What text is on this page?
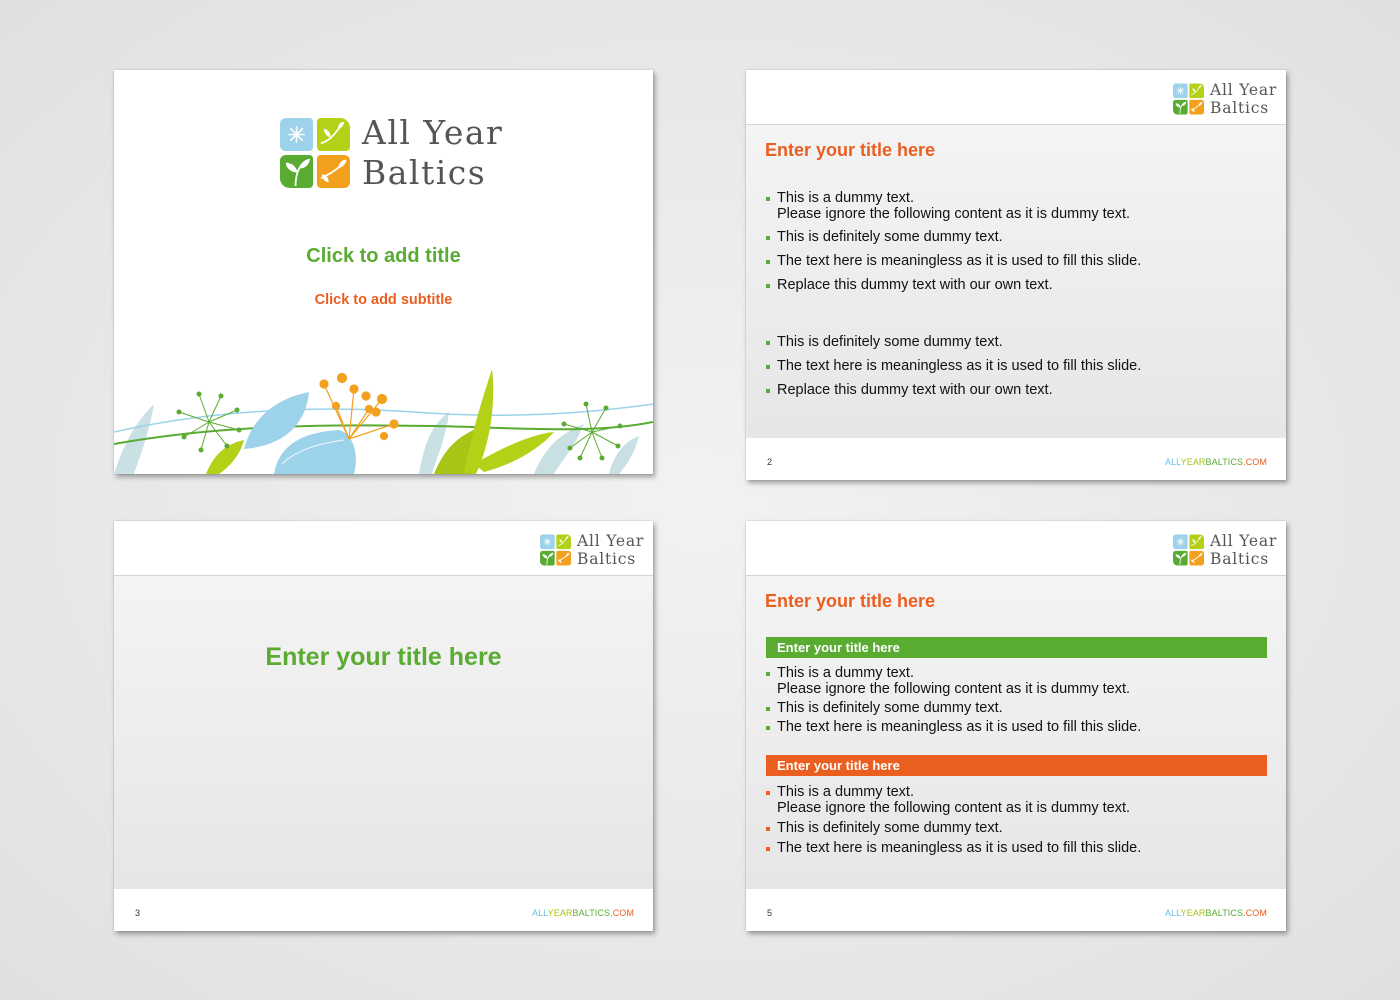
All Year
Baltics
Click to add title
Click to add subtitle
All Year
Baltics
Enter your title here
This is a dummy text.
Please ignore the following content as it is dummy text.
This is definitely some dummy text.
The text here is meaningless as it is used to fill this slide.
Replace this dummy text with our own text.
This is definitely some dummy text.
The text here is meaningless as it is used to fill this slide.
Replace this dummy text with our own text.
2	ALLYEARBALTICS.COM
All Year
Baltics
Enter your title here
3	ALLYEARBALTICS.COM
All Year
Baltics
Enter your title here
Enter your title here
This is a dummy text.
Please ignore the following content as it is dummy text.
This is definitely some dummy text.
The text here is meaningless as it is used to fill this slide.
Enter your title here
This is a dummy text.
Please ignore the following content as it is dummy text.
This is definitely some dummy text.
The text here is meaningless as it is used to fill this slide.
5	ALLYEARBALTICS.COM
